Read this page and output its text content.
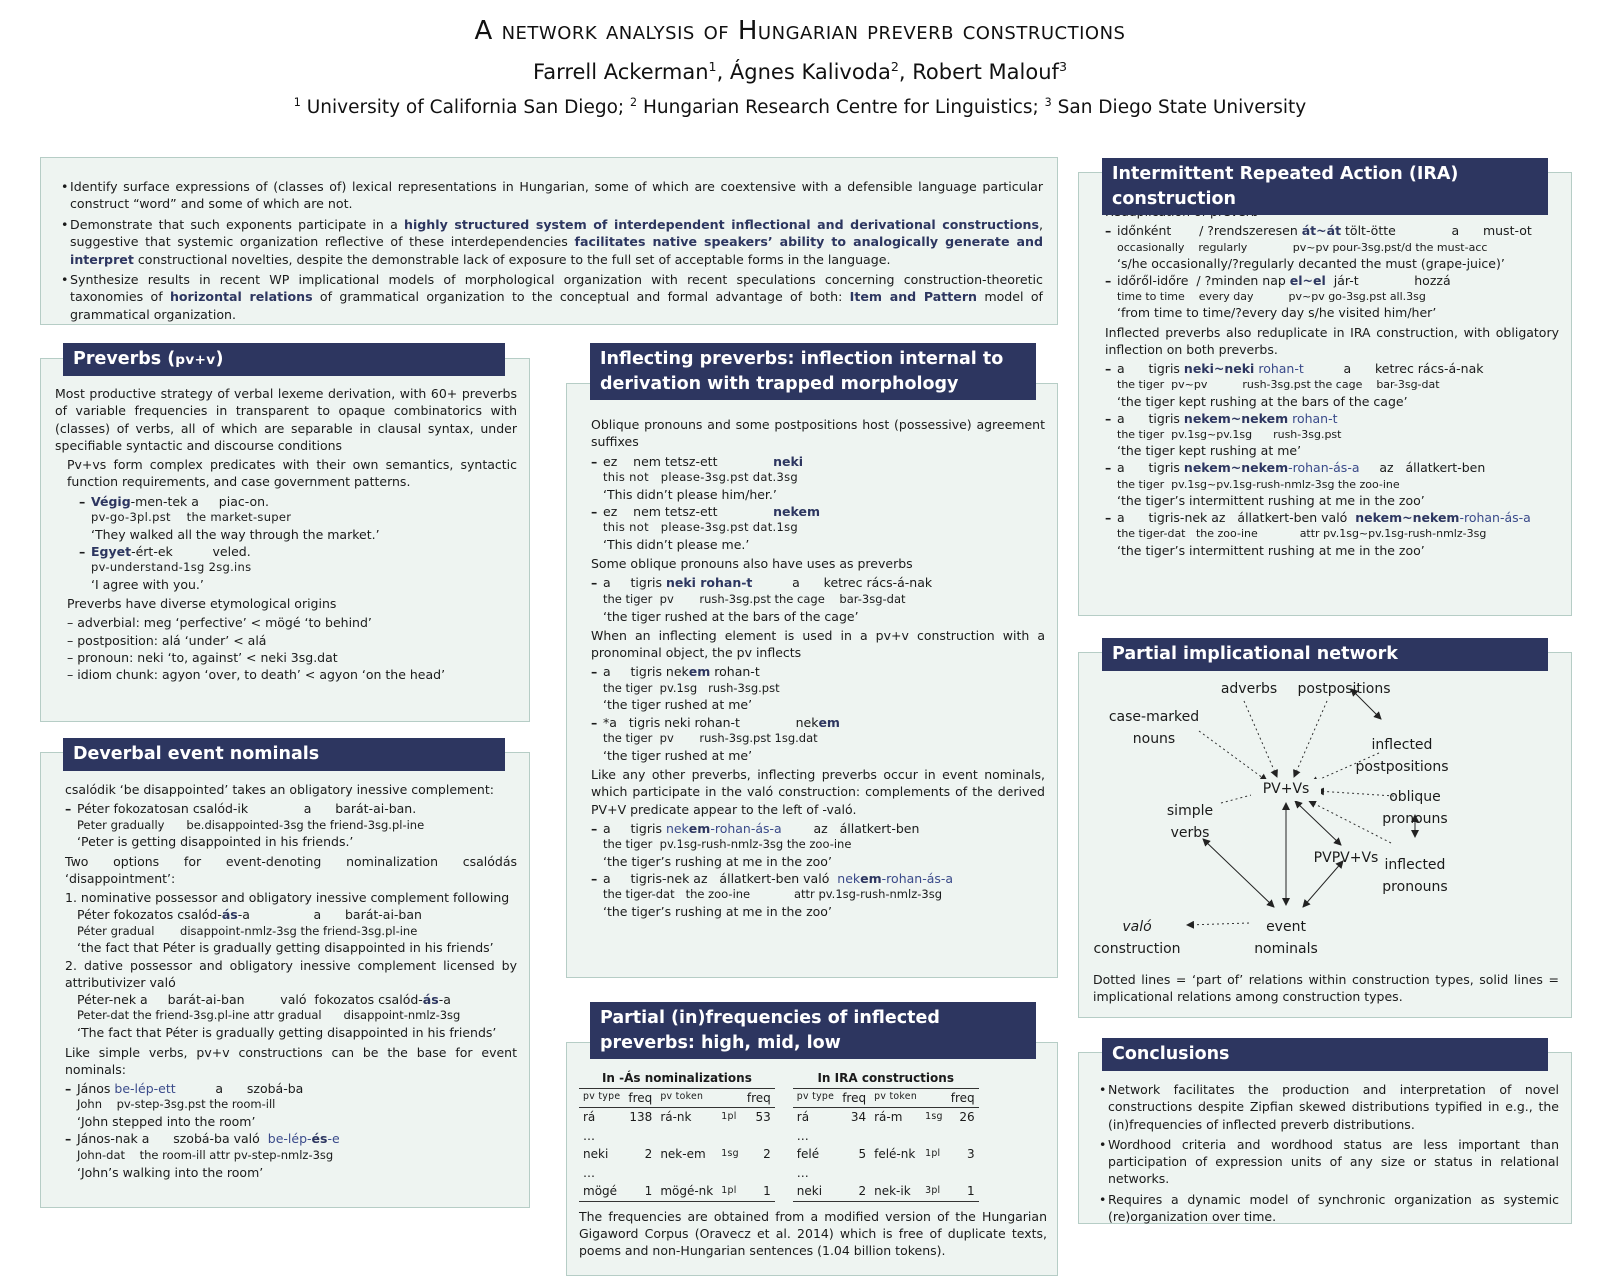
A network analysis of Hungarian preverb constructions
Farrell Ackerman$^1$, Ágnes Kalivoda$^2$, Robert Malouf$^3$
$^1$ University of California San Diego; $^2$ Hungarian Research Centre for Linguistics; $^3$ San Diego State University
• Identify surface expressions of (classes of) lexical representations in Hungarian, some of which are coextensive with a defensible language particular construct “word” and some of which are not.
• Demonstrate that such exponents participate in a highly structured system of interdependent inflectional and derivational constructions, suggestive that systemic organization reflective of these interdependencies facilitates native speakers’ ability to analogically generate and interpret constructional novelties, despite the demonstrable lack of exposure to the full set of acceptable forms in the language.
• Synthesize results in recent WP implicational models of morphological organization with recent speculations concerning construction-theoretic taxonomies of horizontal relations of grammatical organization to the conceptual and formal advantage of both: Item and Pattern model of grammatical organization.

Most productive strategy of verbal lexeme derivation, with 60+ preverbs of variable frequencies in transparent to opaque combinatorics with (classes) of verbs, all of which are separable in clausal syntax, under specifiable syntactic and discourse conditions

Pv+vs form complex predicates with their own semantics, syntactic function requirements, and case government patterns.

– Végig-men-tek a     piac-on.
pv-go-3pl.pst    the market-super
‘They walked all the way through the market.’
– Egyet-ért-ek          veled.
pv-understand-1sg 2sg.ins
‘I agree with you.’

Preverbs have diverse etymological origins

– adverbial: meg ‘perfective’ < mögé ‘to behind’
– postposition: alá ‘under’ < alá
– pronoun: neki ‘to, against’ < neki 3sg.dat
– idiom chunk: agyon ‘over, to death’ < agyon ‘on the head’
Preverbs (pv+v)

csalódik ‘be disappointed’ takes an obligatory inessive complement:

– Péter fokozatosan csalód-ik              a      barát-ai-ban.
Peter gradually      be.disappointed-3sg the friend-3sg.pl-ine
‘Peter is getting disappointed in his friends.’

Two options for event-denoting nominalization csalódás ‘disappointment’:

1. nominative possessor and obligatory inessive complement following
Péter fokozatos csalód-ás-a                a      barát-ai-ban
Péter gradual       disappoint-nmlz-3sg the friend-3sg.pl-ine
‘the fact that Péter is gradually getting disappointed in his friends’
2. dative possessor and obligatory inessive complement licensed by attributivizer való
Péter-nek a     barát-ai-ban         való  fokozatos csalód-ás-a
Peter-dat the friend-3sg.pl-ine attr gradual      disappoint-nmlz-3sg
‘The fact that Péter is gradually getting disappointed in his friends’

Like simple verbs, pv+v constructions can be the base for event nominals:

– János be-lép-ett          a      szobá-ba
John    pv-step-3sg.pst the room-ill
‘John stepped into the room’
– János-nak a      szobá-ba való  be-lép-és-e
John-dat    the room-ill attr pv-step-nmlz-3sg
‘John’s walking into the room’
Deverbal event nominals

Oblique pronouns and some postpositions host (possessive) agreement suffixes

– ez    nem tetsz-ett              neki
this not   please-3sg.pst dat.3sg
‘This didn’t please him/her.’
– ez    nem tetsz-ett              nekem
this not   please-3sg.pst dat.1sg
‘This didn’t please me.’

Some oblique pronouns also have uses as preverbs

– a     tigris neki rohan-t          a      ketrec rács-á-nak
the tiger  pv       rush-3sg.pst the cage    bar-3sg-dat
‘the tiger rushed at the bars of the cage’

When an inflecting element is used in a pv+v construction with a pronominal object, the pv inflects

– a     tigris nekem rohan-t
the tiger  pv.1sg   rush-3sg.pst
‘the tiger rushed at me’
– *a   tigris neki rohan-t              nekem
the tiger  pv       rush-3sg.pst 1sg.dat
‘the tiger rushed at me’

Like any other preverbs, inflecting preverbs occur in event nominals, which participate in the való construction: complements of the derived PV+V predicate appear to the left of -való.

– a     tigris nekem-rohan-ás-a        az   állatkert-ben
the tiger  pv.1sg-rush-nmlz-3sg the zoo-ine
‘the tiger’s rushing at me in the zoo’
– a     tigris-nek az   állatkert-ben való  nekem-rohan-ás-a
the tiger-dat   the zoo-ine            attr pv.1sg-rush-nmlz-3sg
‘the tiger’s rushing at me in the zoo’
Inflecting preverbs: inflection internal to derivation with trapped morphology
In -Ás nominalizations				
pv type	freq	pv token		freq
rá	138	rá-nk	1pl	53
…				
neki	2	nek-em	1sg	2
…				
mögé	1	mögé-nk	1pl	1
In IRA constructions				
pv type	freq	pv token		freq
rá	34	rá-m	1sg	26
…				
felé	5	felé-nk	1pl	3
…				
neki	2	nek-ik	3pl	1

The frequencies are obtained from a modified version of the Hungarian Gigaword Corpus (Oravecz et al. 2014) which is free of duplicate texts, poems and non-Hungarian sentences (1.04 billion tokens).

Partial (in)frequencies of inflected preverbs: high, mid, low

– időnként       / ?rendszeresen át~át tölt-ötte              a      must-ot
occasionally    regularly             pv~pv pour-3sg.pst/d the must-acc
‘s/he occasionally/?regularly decanted the must (grape-juice)’
– időről-időre  / ?minden nap el~el  jár-t              hozzá
time to time    every day          pv~pv go-3sg.pst all.3sg
‘from time to time/?every day s/he visited him/her’

Inflected preverbs also reduplicate in IRA construction, with obligatory inflection on both preverbs.

– a      tigris neki~neki rohan-t          a      ketrec rács-á-nak
the tiger  pv~pv          rush-3sg.pst the cage    bar-3sg-dat
‘the tiger kept rushing at the bars of the cage’
– a      tigris nekem~nekem rohan-t
the tiger  pv.1sg~pv.1sg      rush-3sg.pst
‘the tiger kept rushing at me’
– a      tigris nekem~nekem-rohan-ás-a     az   állatkert-ben
the tiger  pv.1sg~pv.1sg-rush-nmlz-3sg the zoo-ine
‘the tiger’s intermittent rushing at me in the zoo’
– a      tigris-nek az   állatkert-ben való  nekem~nekem-rohan-ás-a
the tiger-dat   the zoo-ine            attr pv.1sg~pv.1sg-rush-nmlz-3sg
‘the tiger’s intermittent rushing at me in the zoo’
Intermittent Repeated Action (IRA) construction
adverbs	postpositions
case-marked nouns	inflected postpositions
PV+Vs	oblique pronouns
simple verbs
PVPV+Vs inflected pronouns
való
construction
event nominals

Dotted lines = ‘part of’ relations within construction types, solid lines = implicational relations among construction types.

Partial implicational network
• Network facilitates the production and interpretation of novel constructions despite Zipfian skewed distributions typified in e.g., the (in)frequencies of inflected preverb distributions.
• Wordhood criteria and wordhood status are less important than participation of expression units of any size or status in relational networks.
• Requires a dynamic model of synchronic organization as systemic (re)organization over time.
Conclusions
